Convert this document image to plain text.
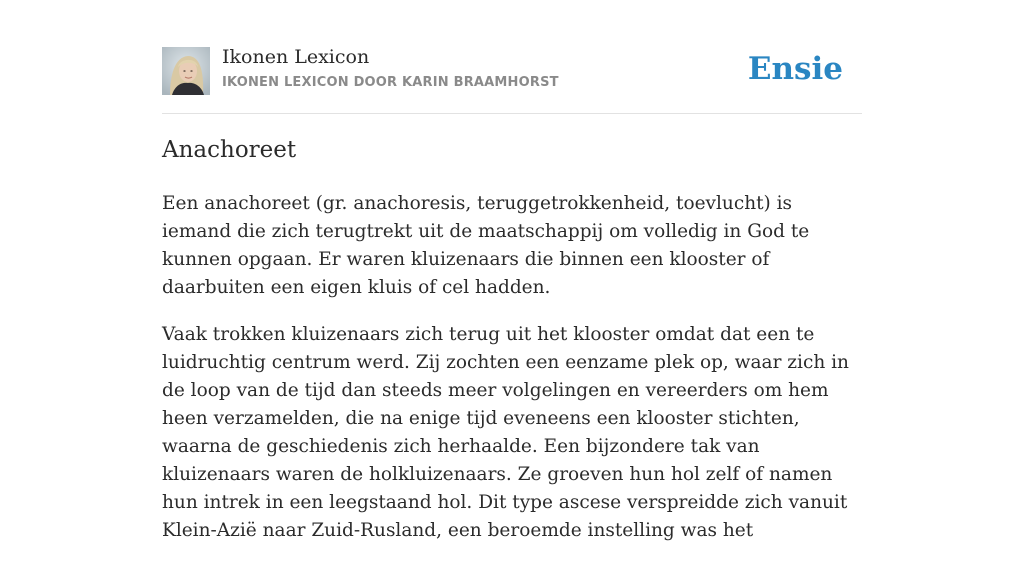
Ikonen Lexicon
IKONEN LEXICON DOOR KARIN BRAAMHORST	Ensie
Anachoreet

Een anachoreet (gr. anachoresis, teruggetrokkenheid, toevlucht) is iemand die zich terugtrekt uit de maatschappij om volledig in God te kunnen opgaan. Er waren kluizenaars die binnen een klooster of daarbuiten een eigen kluis of cel hadden.

Vaak trokken kluizenaars zich terug uit het klooster omdat dat een te luidruchtig centrum werd. Zij zochten een eenzame plek op, waar zich in de loop van de tijd dan steeds meer volgelingen en vereerders om hem heen verzamelden, die na enige tijd eveneens een klooster stichten, waarna de geschiedenis zich herhaalde. Een bijzondere tak van kluizenaars waren de holkluizenaars. Ze groeven hun hol zelf of namen hun intrek in een leegstaand hol. Dit type ascese verspreidde zich vanuit Klein-Azië naar Zuid-Rusland, een beroemde instelling was het
